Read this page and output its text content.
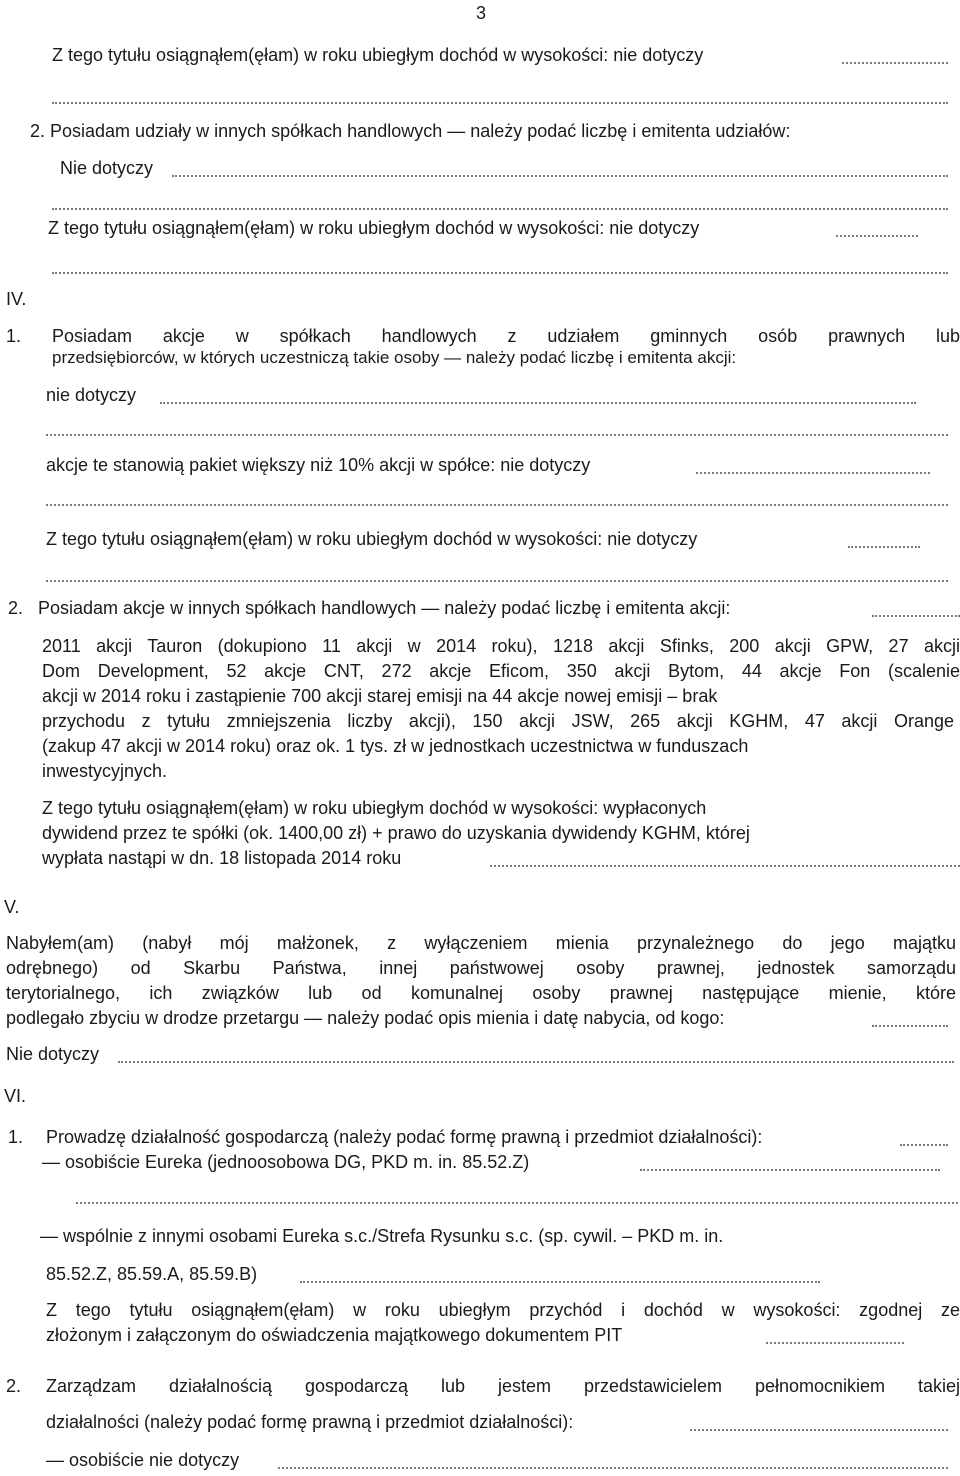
3
Z tego tytułu osiągnąłem(ęłam) w roku ubiegłym dochód w wysokości: nie dotyczy
2. Posiadam udziały w innych spółkach handlowych — należy podać liczbę i emitenta udziałów:
Nie dotyczy
Z tego tytułu osiągnąłem(ęłam) w roku ubiegłym dochód w wysokości: nie dotyczy
IV.
1. Posiadam akcje w spółkach handlowych z udziałem gminnych osób prawnych lub
przedsiębiorców, w których uczestniczą takie osoby — należy podać liczbę i emitenta akcji:
nie dotyczy
akcje te stanowią pakiet większy niż 10% akcji w spółce: nie dotyczy
Z tego tytułu osiągnąłem(ęłam) w roku ubiegłym dochód w wysokości: nie dotyczy
2. Posiadam akcje w innych spółkach handlowych — należy podać liczbę i emitenta akcji:
2011 akcji Tauron (dokupiono 11 akcji w 2014 roku), 1218 akcji Sfinks, 200 akcji GPW, 27 akcji
Dom Development, 52 akcje CNT, 272 akcje Eficom, 350 akcji Bytom, 44 akcje Fon (scalenie
akcji w 2014 roku i zastąpienie 700 akcji starej emisji na 44 akcje nowej emisji – brak
przychodu z tytułu zmniejszenia liczby akcji), 150 akcji JSW, 265 akcji KGHM, 47 akcji Orange
(zakup 47 akcji w 2014 roku) oraz ok. 1 tys. zł w jednostkach uczestnictwa w funduszach
inwestycyjnych.
Z tego tytułu osiągnąłem(ęłam) w roku ubiegłym dochód w wysokości: wypłaconych
dywidend przez te spółki (ok. 1400,00 zł) + prawo do uzyskania dywidendy KGHM, której
wypłata nastąpi w dn. 18 listopada 2014 roku
V.
Nabyłem(am) (nabył mój małżonek, z wyłączeniem mienia przynależnego do jego majątku
odrębnego) od Skarbu Państwa, innej państwowej osoby prawnej, jednostek samorządu
terytorialnego, ich związków lub od komunalnej osoby prawnej następujące mienie, które
podlegało zbyciu w drodze przetargu — należy podać opis mienia i datę nabycia, od kogo:
Nie dotyczy
VI.
1. Prowadzę działalność gospodarczą (należy podać formę prawną i przedmiot działalności):
— osobiście Eureka (jednoosobowa DG, PKD m. in. 85.52.Z)
— wspólnie z innymi osobami Eureka s.c./Strefa Rysunku s.c. (sp. cywil. – PKD m. in.
85.52.Z, 85.59.A, 85.59.B)
Z tego tytułu osiągnąłem(ęłam) w roku ubiegłym przychód i dochód w wysokości: zgodnej ze
złożonym i załączonym do oświadczenia majątkowego dokumentem PIT
2. Zarządzam działalnością gospodarczą lub jestem przedstawicielem pełnomocnikiem takiej
działalności (należy podać formę prawną i przedmiot działalności):
— osobiście nie dotyczy
